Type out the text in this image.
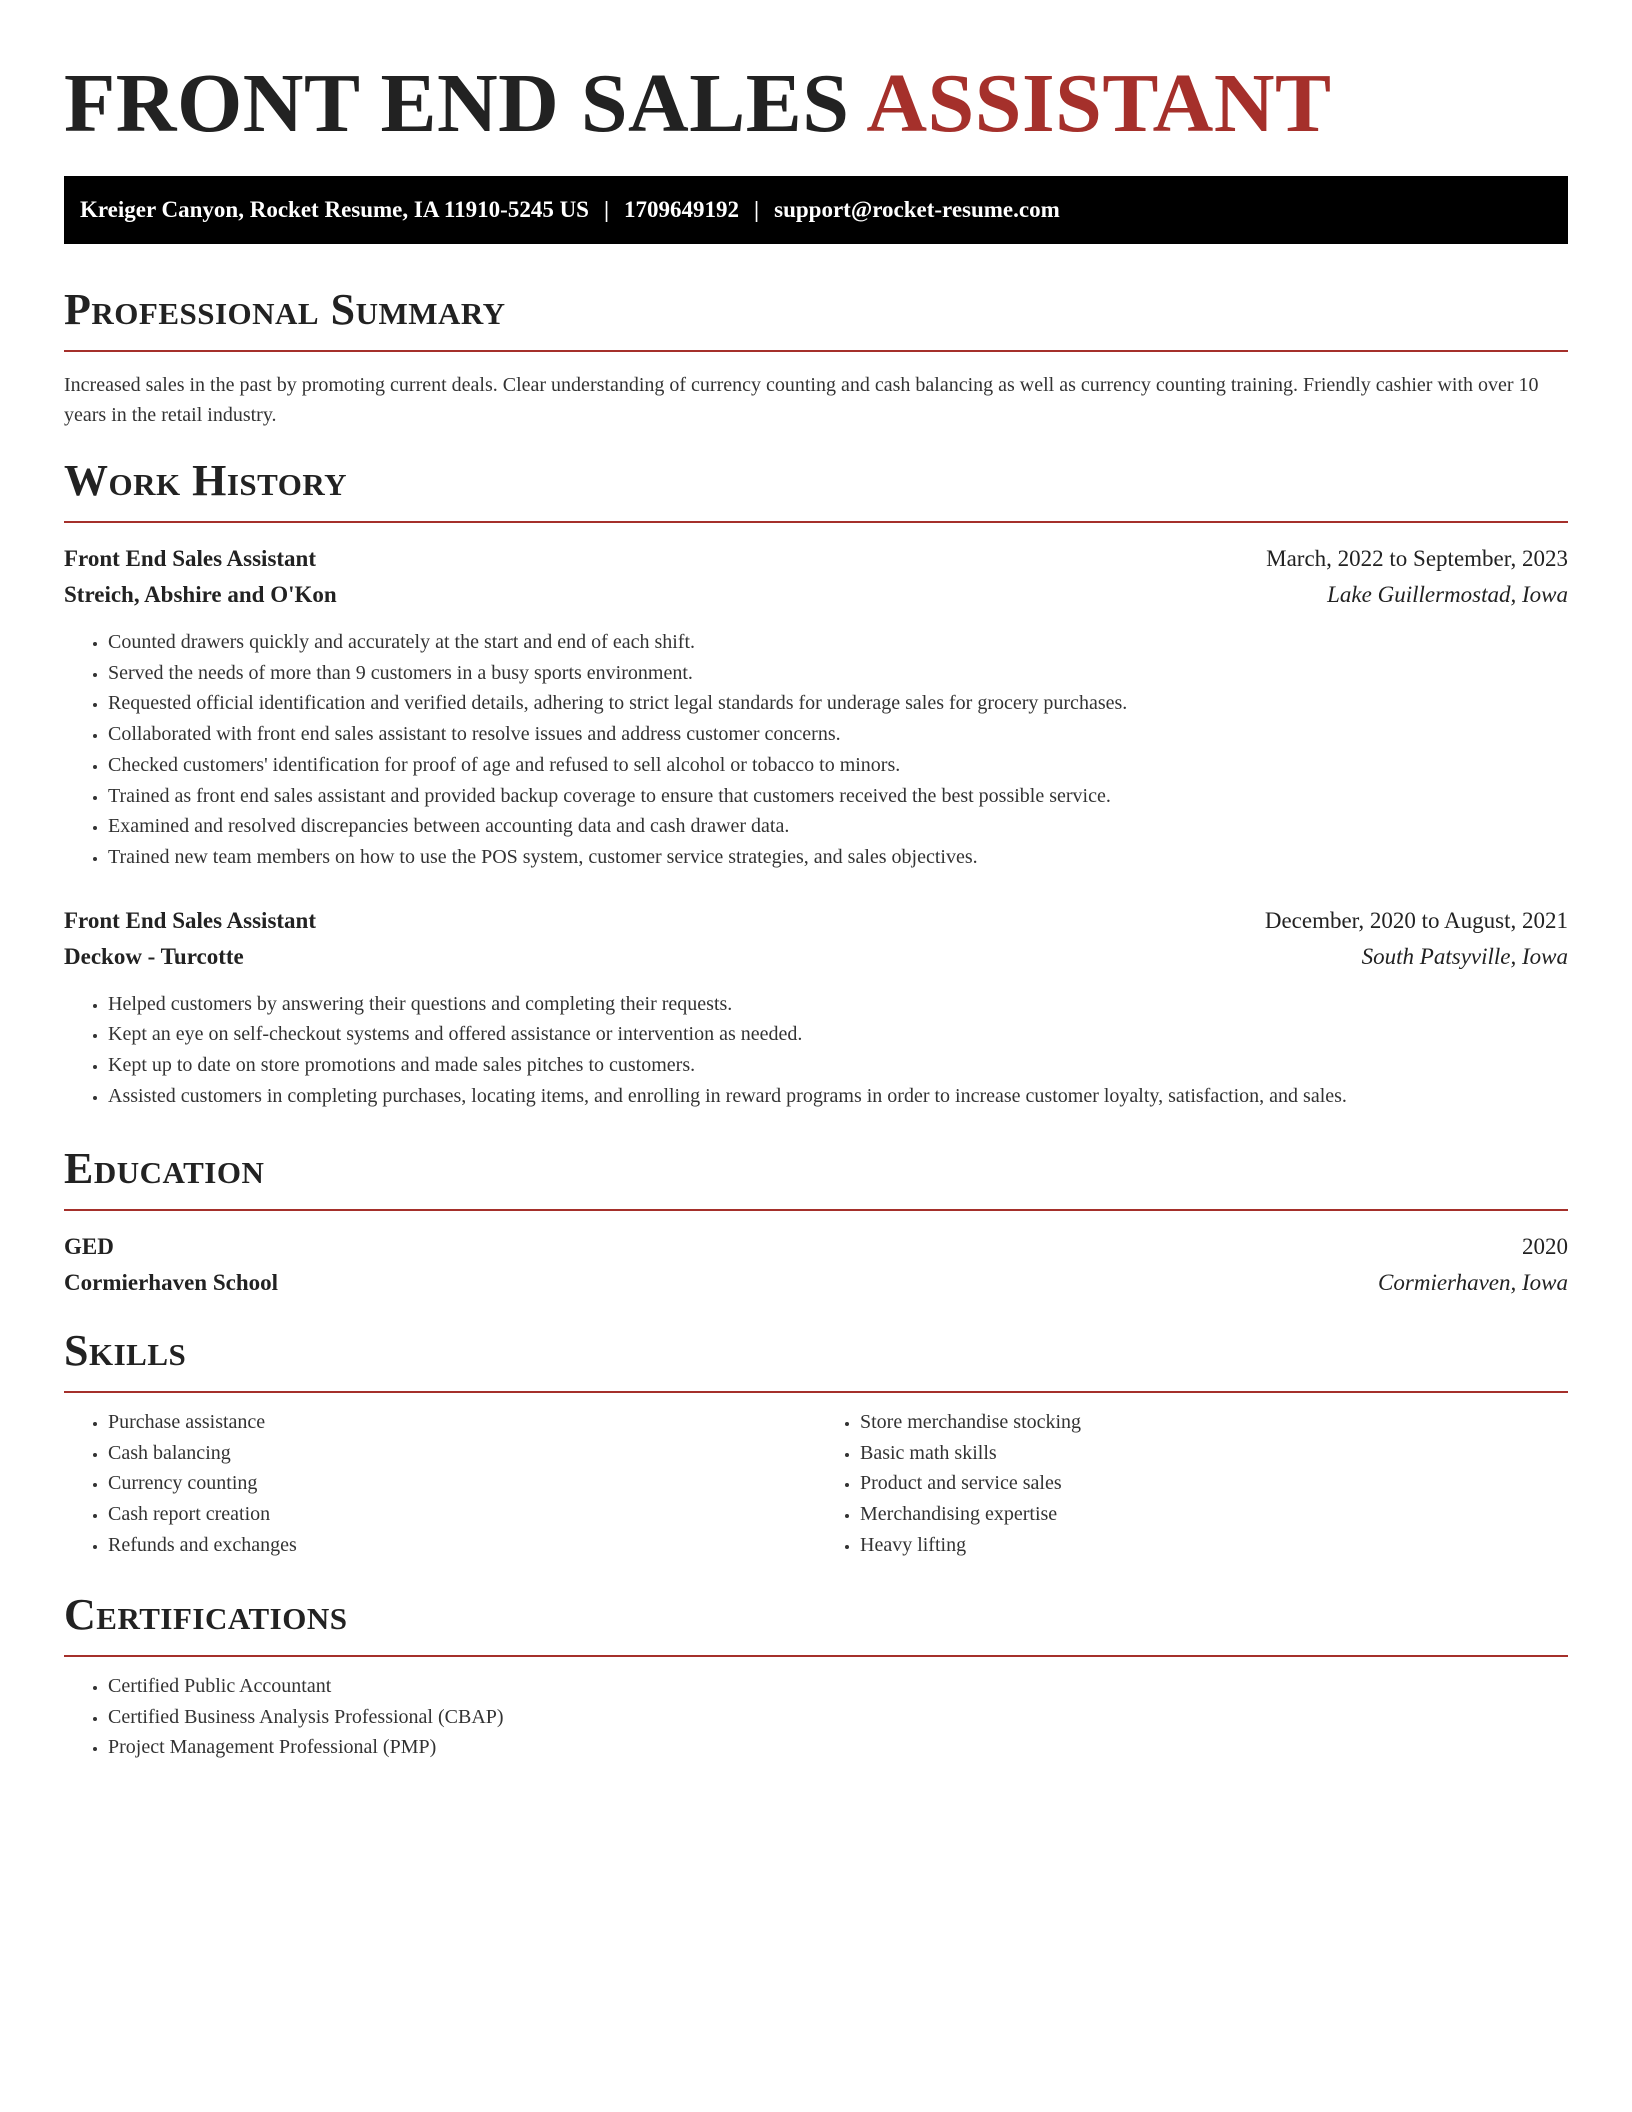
FRONT END SALES ASSISTANT
Kreiger Canyon, Rocket Resume, IA 11910-5245 US | 1709649192 | support@rocket-resume.com
Professional Summary

Increased sales in the past by promoting current deals. Clear understanding of currency counting and cash balancing as well as currency counting training. Friendly cashier with over 10 years in the retail industry.

Work History
Front End Sales Assistant	March, 2022 to September, 2023
Streich, Abshire and O'Kon	Lake Guillermostad, Iowa
• Counted drawers quickly and accurately at the start and end of each shift.
• Served the needs of more than 9 customers in a busy sports environment.
• Requested official identification and verified details, adhering to strict legal standards for underage sales for grocery purchases.
• Collaborated with front end sales assistant to resolve issues and address customer concerns.
• Checked customers' identification for proof of age and refused to sell alcohol or tobacco to minors.
• Trained as front end sales assistant and provided backup coverage to ensure that customers received the best possible service.
• Examined and resolved discrepancies between accounting data and cash drawer data.
• Trained new team members on how to use the POS system, customer service strategies, and sales objectives.
Front End Sales Assistant	December, 2020 to August, 2021
Deckow - Turcotte	South Patsyville, Iowa
• Helped customers by answering their questions and completing their requests.
• Kept an eye on self-checkout systems and offered assistance or intervention as needed.
• Kept up to date on store promotions and made sales pitches to customers.
• Assisted customers in completing purchases, locating items, and enrolling in reward programs in order to increase customer loyalty, satisfaction, and sales.
Education
GED	2020
Cormierhaven School	Cormierhaven, Iowa
Skills
• Purchase assistance
• Cash balancing
• Currency counting
• Cash report creation
• Refunds and exchanges
• Store merchandise stocking
• Basic math skills
• Product and service sales
• Merchandising expertise
• Heavy lifting
Certifications
• Certified Public Accountant
• Certified Business Analysis Professional (CBAP)
• Project Management Professional (PMP)
